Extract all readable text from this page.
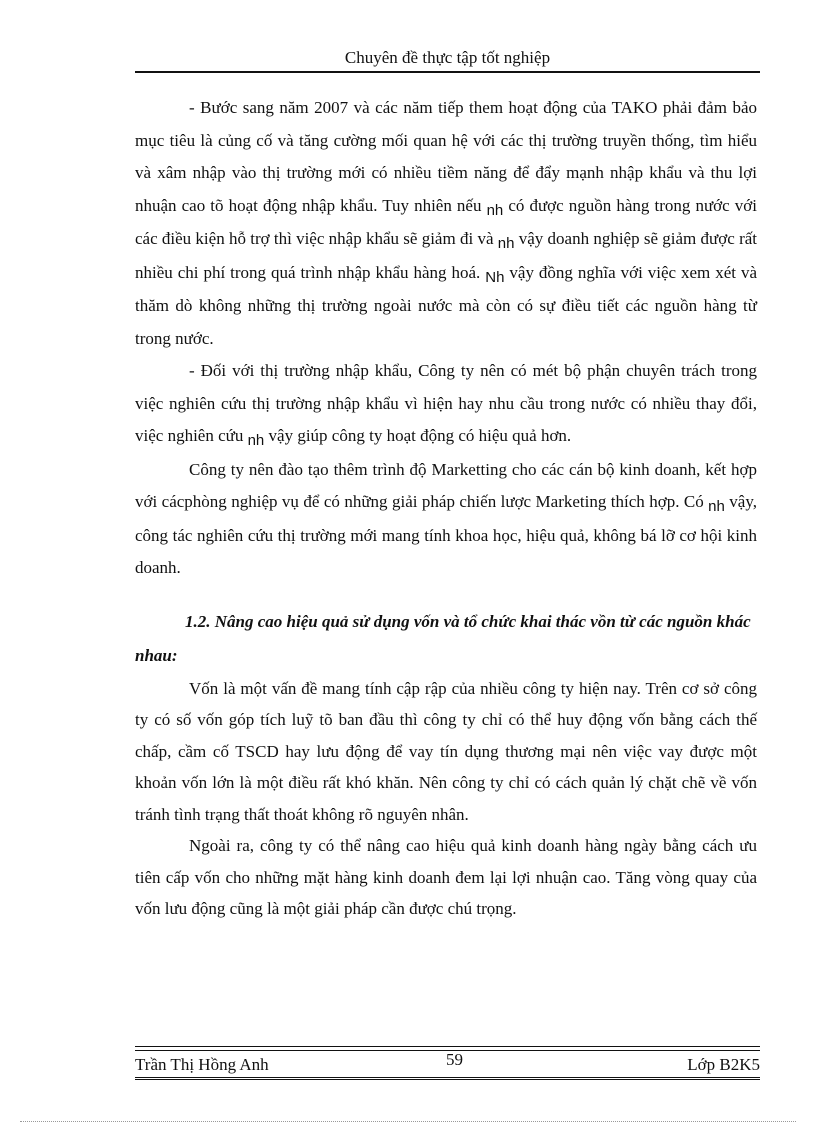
Chuyên đề thực tập tốt nghiệp

- Bước sang năm 2007 và các năm tiếp them hoạt động của TAKO phải đảm bảo mục tiêu là củng cố và tăng cường mối quan hệ với các thị trường truyền thống, tìm hiểu và xâm nhập vào thị trường mới có nhiều tiềm năng để đẩy mạnh nhập khẩu và thu lợi nhuận cao tõ hoạt động nhập khẩu. Tuy nhiên nếu nh có được nguồn hàng trong nước với các điều kiện hỗ trợ thì việc nhập khẩu sẽ giảm đi và nh vậy doanh nghiệp sẽ giảm được rất nhiều chi phí trong quá trình nhập khẩu hàng hoá. Nh vậy đồng nghĩa với việc xem xét và thăm dò không những thị trường ngoài nước mà còn có sự điều tiết các nguồn hàng từ trong nước.

- Đối với thị trường nhập khẩu, Công ty nên có mét bộ phận chuyên trách trong việc nghiên cứu thị trường nhập khẩu vì hiện hay nhu cầu trong nước có nhiều thay đổi, việc nghiên cứu nh vậy giúp công ty hoạt động có hiệu quả hơn.

Công ty nên đào tạo thêm trình độ Marketting cho các cán bộ kinh doanh, kết hợp với cácphòng nghiệp vụ để có những giải pháp chiến lược Marketing thích hợp. Có nh vậy, công tác nghiên cứu thị trường mới mang tính khoa học, hiệu quả, không bá lỡ cơ hội kinh doanh.

1.2. Nâng cao hiệu quả sử dụng vốn và tổ chức khai thác vồn từ các nguồn khác nhau:

Vốn là một vấn đề mang tính cập rập của nhiều công ty hiện nay. Trên cơ sở công ty có số vốn góp tích luỹ tõ ban đầu thì công ty chỉ có thể huy động vốn bằng cách thế chấp, cầm cố TSCD hay lưu động để vay tín dụng thương mại nên việc vay được một khoản vốn lớn là một điều rất khó khăn. Nên công ty chỉ có cách quản lý chặt chẽ về vốn tránh tình trạng thất thoát không rõ nguyên nhân.

Ngoài ra, công ty có thể nâng cao hiệu quả kinh doanh hàng ngày bằng cách ưu tiên cấp vốn cho những mặt hàng kinh doanh đem lại lợi nhuận cao. Tăng vòng quay của vốn lưu động cũng là một giải pháp cần được chú trọng.

Trần Thị Hồng Anh	59	Lớp B2K5
